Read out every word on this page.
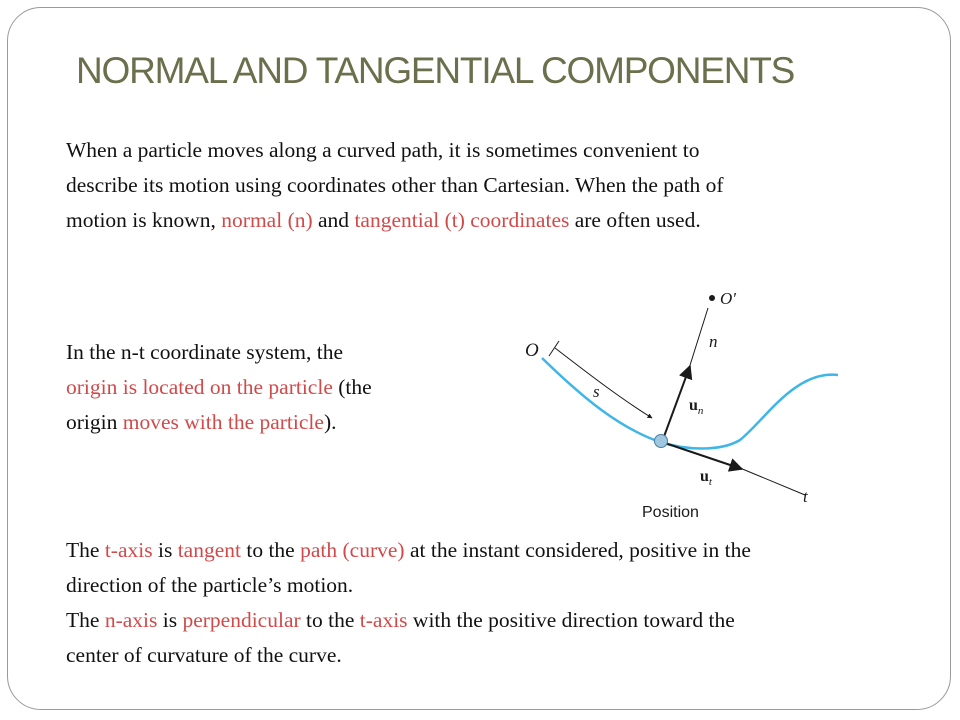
NORMAL AND TANGENTIAL COMPONENTS
When a particle moves along a curved path, it is sometimes convenient to
describe its motion using coordinates other than Cartesian. When the path of
motion is known, normal (n) and tangential (t) coordinates are often used.
In the n-t coordinate system, the
origin is located on the particle (the
origin moves with the particle).
The t-axis is tangent to the path (curve) at the instant considered, positive in the
direction of the particle’s motion.
The n-axis is perpendicular to the t-axis with the positive direction toward the
center of curvature of the curve.
O
O′
n
s
$u_n$
$u_t$
t
Position
